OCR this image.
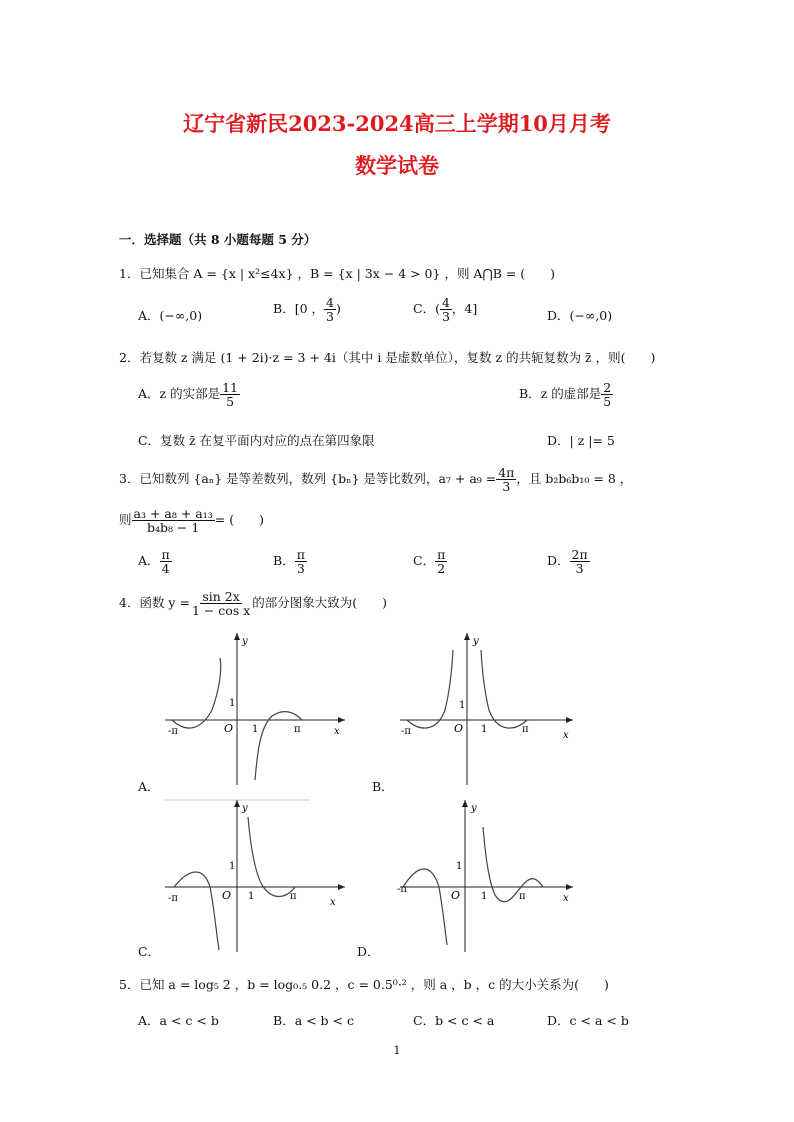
辽宁省新民2023-2024高三上学期10月月考
数学试卷
一．选择题（共 8 小题每题 5 分）
1．已知集合 A = {x | x²≤4x} ，B = {x | 3x − 4 > 0} ，则 A⋂B = (　　)
A．(−∞,0)	B．[0 ， $\frac{4}{3}$ )	C．( $\frac{4}{3}$ ，4]	D．(−∞,0)
2．若复数 z 满足 (1 + 2i)·z = 3 + 4i（其中 i 是虚数单位），复数 z 的共轭复数为 z̄ ，则(　　)
A．z 的实部是 $\frac{11}{5}$	B．z 的虚部是 $\frac{2}{5}$
C．复数 z̄ 在复平面内对应的点在第四象限	D．| z |= 5
3．已知数列 {aₙ} 是等差数列，数列 {bₙ} 是等比数列，$a_7 + a_9 = \frac{4\pi}{3}$ ，且 b₂b₆b₁₀ = 8 ，
则 $\frac{\text{a₃ + a₈ + a₁₃}}{\text{b₄b₈ − 1}}$ = (　　)
A． $\frac{\pi}{4}$	B． $\frac{\pi}{3}$	C． $\frac{\pi}{2}$	D． $\frac{2\pi}{3}$
4．函数 $y = \frac{\sin 2x}{\text{1 − cos x}}$ 的部分图象大致为(　　)
-π	O 1
1
π	x
y
A．
-π	O 1
1
π
x
y
B．
-π	O 1
1
π
x
y
C．
-π	O 1
1
π	x
y
D．
5．已知 a = log₅ 2 ，b = log₀.₅ 0.2 ，c = 0.5⁰·² ，则 a ，b ，c 的大小关系为(　　)
A．a < c < b	B．a < b < c	C．b < c < a	D．c < a < b
1
